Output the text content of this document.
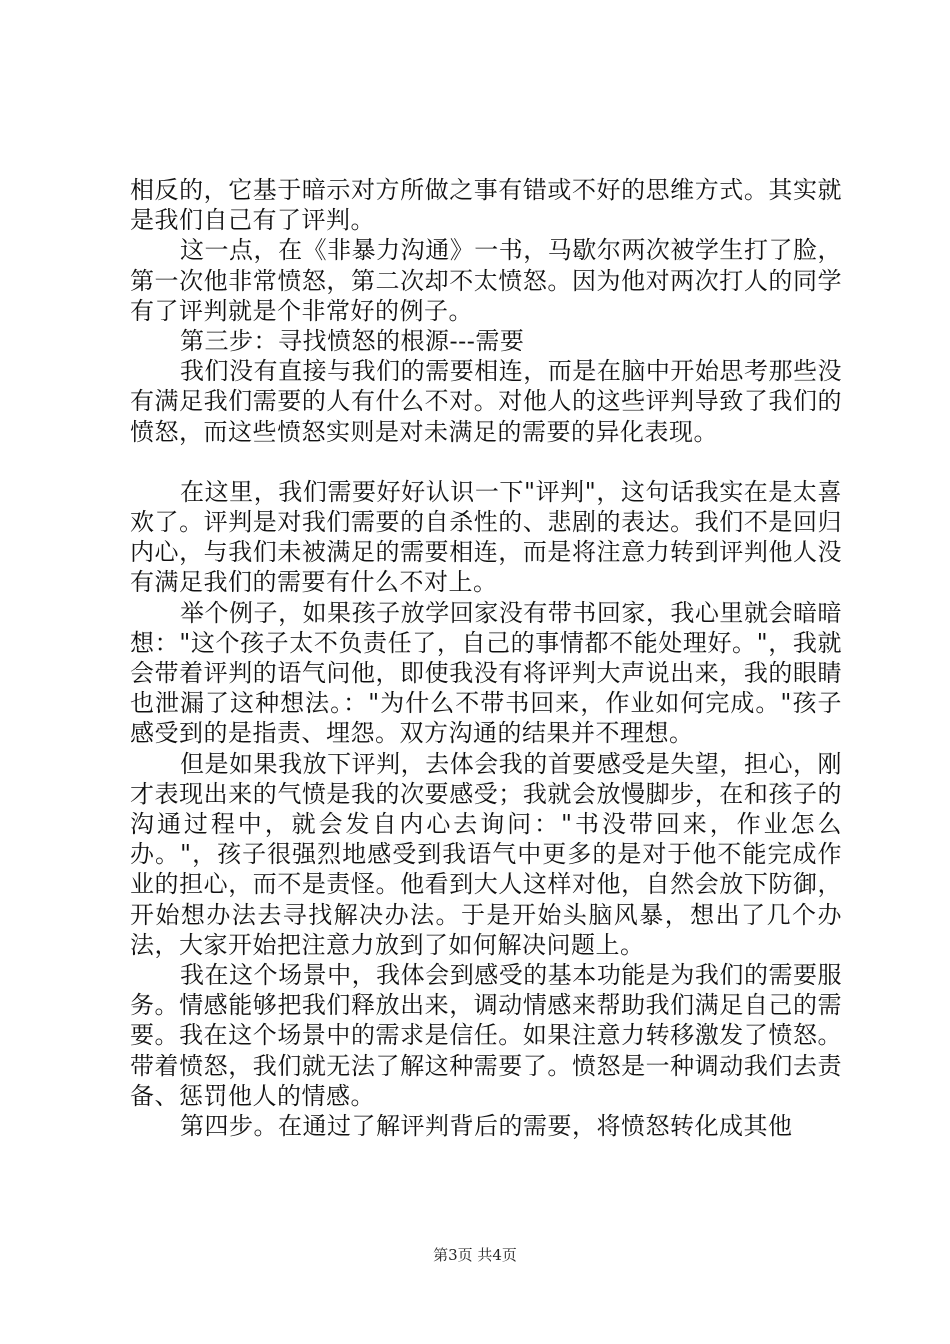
相反的，它基于暗示对方所做之事有错或不好的思维方式。其实就是我们自己有了评判。

这一点，在《非暴力沟通》一书，马歇尔两次被学生打了脸，第一次他非常愤怒，第二次却不太愤怒。因为他对两次打人的同学有了评判就是个非常好的例子。

第三步：寻找愤怒的根源---需要

我们没有直接与我们的需要相连，而是在脑中开始思考那些没有满足我们需要的人有什么不对。对他人的这些评判导致了我们的愤怒，而这些愤怒实则是对未满足的需要的异化表现。

在这里，我们需要好好认识一下"评判"，这句话我实在是太喜欢了。评判是对我们需要的自杀性的、悲剧的表达。我们不是回归内心，与我们未被满足的需要相连，而是将注意力转到评判他人没有满足我们的需要有什么不对上。

举个例子，如果孩子放学回家没有带书回家，我心里就会暗暗想："这个孩子太不负责任了，自己的事情都不能处理好。"，我就会带着评判的语气问他，即使我没有将评判大声说出来，我的眼睛也泄漏了这种想法。："为什么不带书回来，作业如何完成。"孩子感受到的是指责、埋怨。双方沟通的结果并不理想。

但是如果我放下评判，去体会我的首要感受是失望，担心，刚才表现出来的气愤是我的次要感受；我就会放慢脚步，在和孩子的沟通过程中，就会发自内心去询问："书没带回来，作业怎么办。"，孩子很强烈地感受到我语气中更多的是对于他不能完成作业的担心，而不是责怪。他看到大人这样对他，自然会放下防御，开始想办法去寻找解决办法。于是开始头脑风暴，想出了几个办法，大家开始把注意力放到了如何解决问题上。

我在这个场景中，我体会到感受的基本功能是为我们的需要服务。情感能够把我们释放出来，调动情感来帮助我们满足自己的需要。我在这个场景中的需求是信任。如果注意力转移激发了愤怒。带着愤怒，我们就无法了解这种需要了。愤怒是一种调动我们去责备、惩罚他人的情感。

第四步。在通过了解评判背后的需要，将愤怒转化成其他

第3页 共4页
